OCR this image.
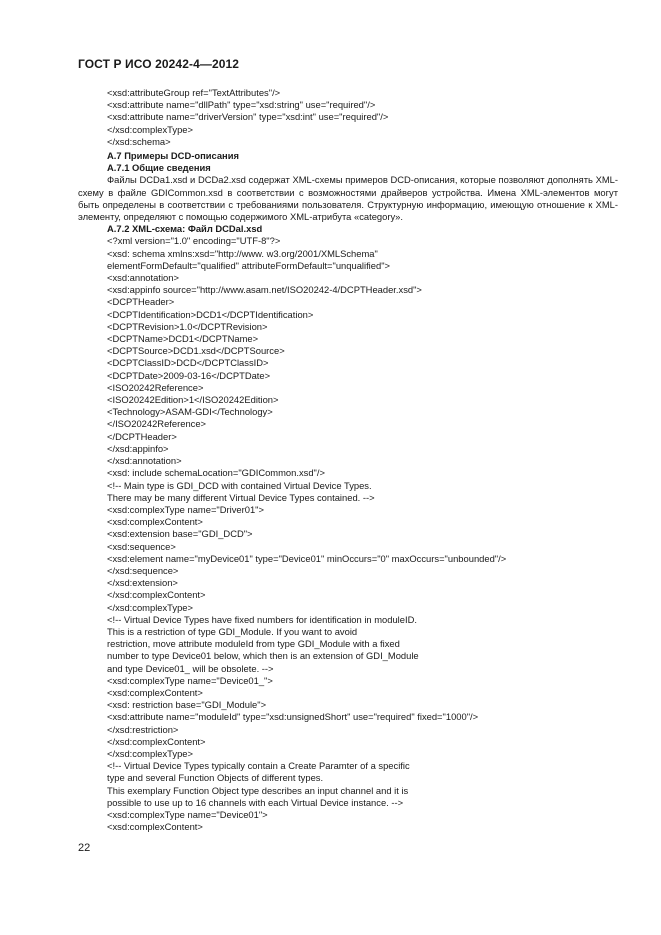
ГОСТ Р ИСО 20242-4—2012
<xsd:attributeGroup ref="TextAttributes"/>
<xsd:attribute name="dllPath" type="xsd:string" use="required"/>
<xsd:attribute name="driverVersion" type="xsd:int" use="required"/>
</xsd:complexType>
</xsd:schema>
А.7 Примеры DCD-описания
А.7.1 Общие сведения
Файлы DCDa1.xsd и DCDa2.xsd содержат XML-схемы примеров DCD-описания, которые позволяют дополнять XML-схему в файле GDICommon.xsd в соответствии с возможностями драйверов устройства. Имена XML-элементов могут быть определены в соответствии с требованиями пользователя. Структурную информацию, имеющую отношение к XML-элементу, определяют с помощью содержимого XML-атрибута «category».
А.7.2 XML-схема: Файл DCDal.xsd
<?xml version="1.0" encoding="UTF-8"?>
<xsd: schema xmlns:xsd="http://www. w3.org/2001/XMLSchema"
elementFormDefault="qualified" attributeFormDefault="unqualified">
<xsd:annotation>
<xsd:appinfo source="http://www.asam.net/ISO20242-4/DCPTHeader.xsd">
<DCPTHeader>
<DCPTIdentification>DCD1</DCPTIdentification>
<DCPTRevision>1.0</DCPTRevision>
<DCPTName>DCD1</DCPTName>
<DCPTSource>DCD1.xsd</DCPTSource>
<DCPTClassID>DCD</DCPTClassID>
<DCPTDate>2009-03-16</DCPTDate>
<ISO20242Reference>
<ISO20242Edition>1</ISO20242Edition>
<Technology>ASAM-GDI</Technology>
</ISO20242Reference>
</DCPTHeader>
</xsd:appinfo>
</xsd:annotation>
<xsd: include schemaLocation="GDICommon.xsd"/>
<!-- Main type is GDI_DCD with contained Virtual Device Types.
There may be many different Virtual Device Types contained. -->
<xsd:complexType name="Driver01">
<xsd:complexContent>
<xsd:extension base="GDI_DCD">
<xsd:sequence>
<xsd:element name="myDevice01" type="Device01" minOccurs="0" maxOccurs="unbounded"/>
</xsd:sequence>
</xsd:extension>
</xsd:complexContent>
</xsd:complexType>
<!-- Virtual Device Types have fixed numbers for identification in moduleID.
This is a restriction of type GDI_Module. If you want to avoid
restriction, move attribute moduleId from type GDI_Module with a fixed
number to type Device01 below, which then is an extension of GDI_Module
and type Device01_ will be obsolete. -->
<xsd:complexType name="Device01_">
<xsd:complexContent>
<xsd: restriction base="GDI_Module">
<xsd:attribute name="moduleId" type="xsd:unsignedShort" use="required" fixed="1000"/>
</xsd:restriction>
</xsd:complexContent>
</xsd:complexType>
<!-- Virtual Device Types typically contain a Create Paramter of a specific
type and several Function Objects of different types.
This exemplary Function Object type describes an input channel and it is
possible to use up to 16 channels with each Virtual Device instance. -->
<xsd:complexType name="Device01">
<xsd:complexContent>
22
